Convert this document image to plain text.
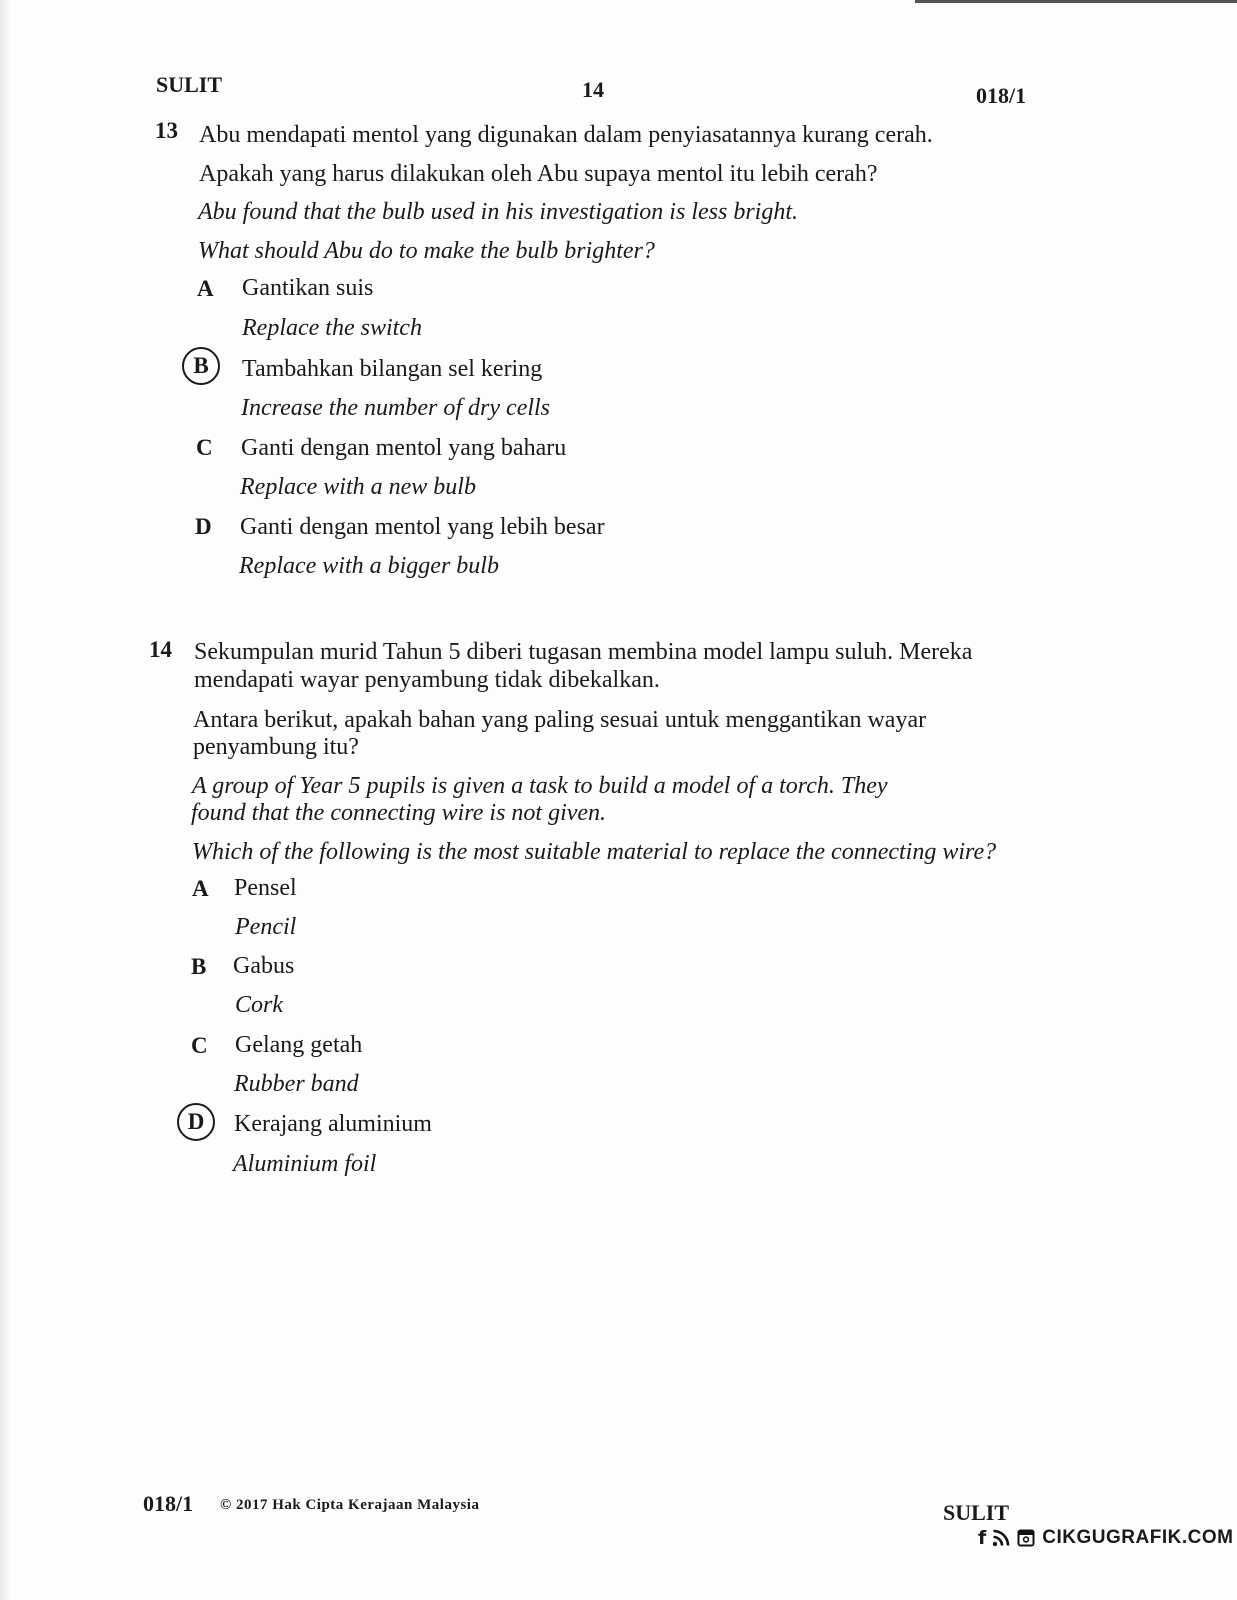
SULIT	14	018/1
13 Abu mendapati mentol yang digunakan dalam penyiasatannya kurang cerah.
Apakah yang harus dilakukan oleh Abu supaya mentol itu lebih cerah?
Abu found that the bulb used in his investigation is less bright.
What should Abu do to make the bulb brighter?
A Gantikan suis
Replace the switch
B	Tambahkan bilangan sel kering
Increase the number of dry cells
C Ganti dengan mentol yang baharu
Replace with a new bulb
D Ganti dengan mentol yang lebih besar
Replace with a bigger bulb
14 Sekumpulan murid Tahun 5 diberi tugasan membina model lampu suluh. Mereka
mendapati wayar penyambung tidak dibekalkan.
Antara berikut, apakah bahan yang paling sesuai untuk menggantikan wayar
penyambung itu?
A group of Year 5 pupils is given a task to build a model of a torch. They
found that the connecting wire is not given.
Which of the following is the most suitable material to replace the connecting wire?
A Pensel
Pencil
B Gabus
Cork
C Gelang getah
Rubber band
D	Kerajang aluminium
Aluminium foil
018/1 © 2017 Hak Cipta Kerajaan Malaysia	SULIT
f	CIKGUGRAFIK.COM
